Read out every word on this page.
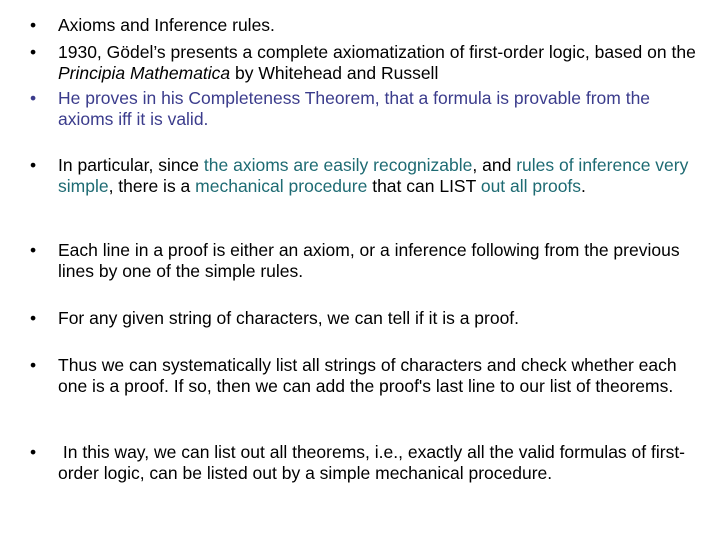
•	Axioms and Inference rules.
•	1930, Gödel’s presents a complete axiomatization of first-order logic, based on the Principia Mathematica by Whitehead and Russell
•	He proves in his Completeness Theorem, that a formula is provable from the axioms iff it is valid.
•	In particular, since the axioms are easily recognizable, and rules of inference very simple, there is a mechanical procedure that can LIST out all proofs.
•	Each line in a proof is either an axiom, or a inference following from the previous lines by one of the simple rules.
•	For any given string of characters, we can tell if it is a proof.
•	Thus we can systematically list all strings of characters and check whether each one is a proof. If so, then we can add the proof's last line to our list of theorems.
•	In this way, we can list out all theorems, i.e., exactly all the valid formulas of first-order logic, can be listed out by a simple mechanical procedure.
